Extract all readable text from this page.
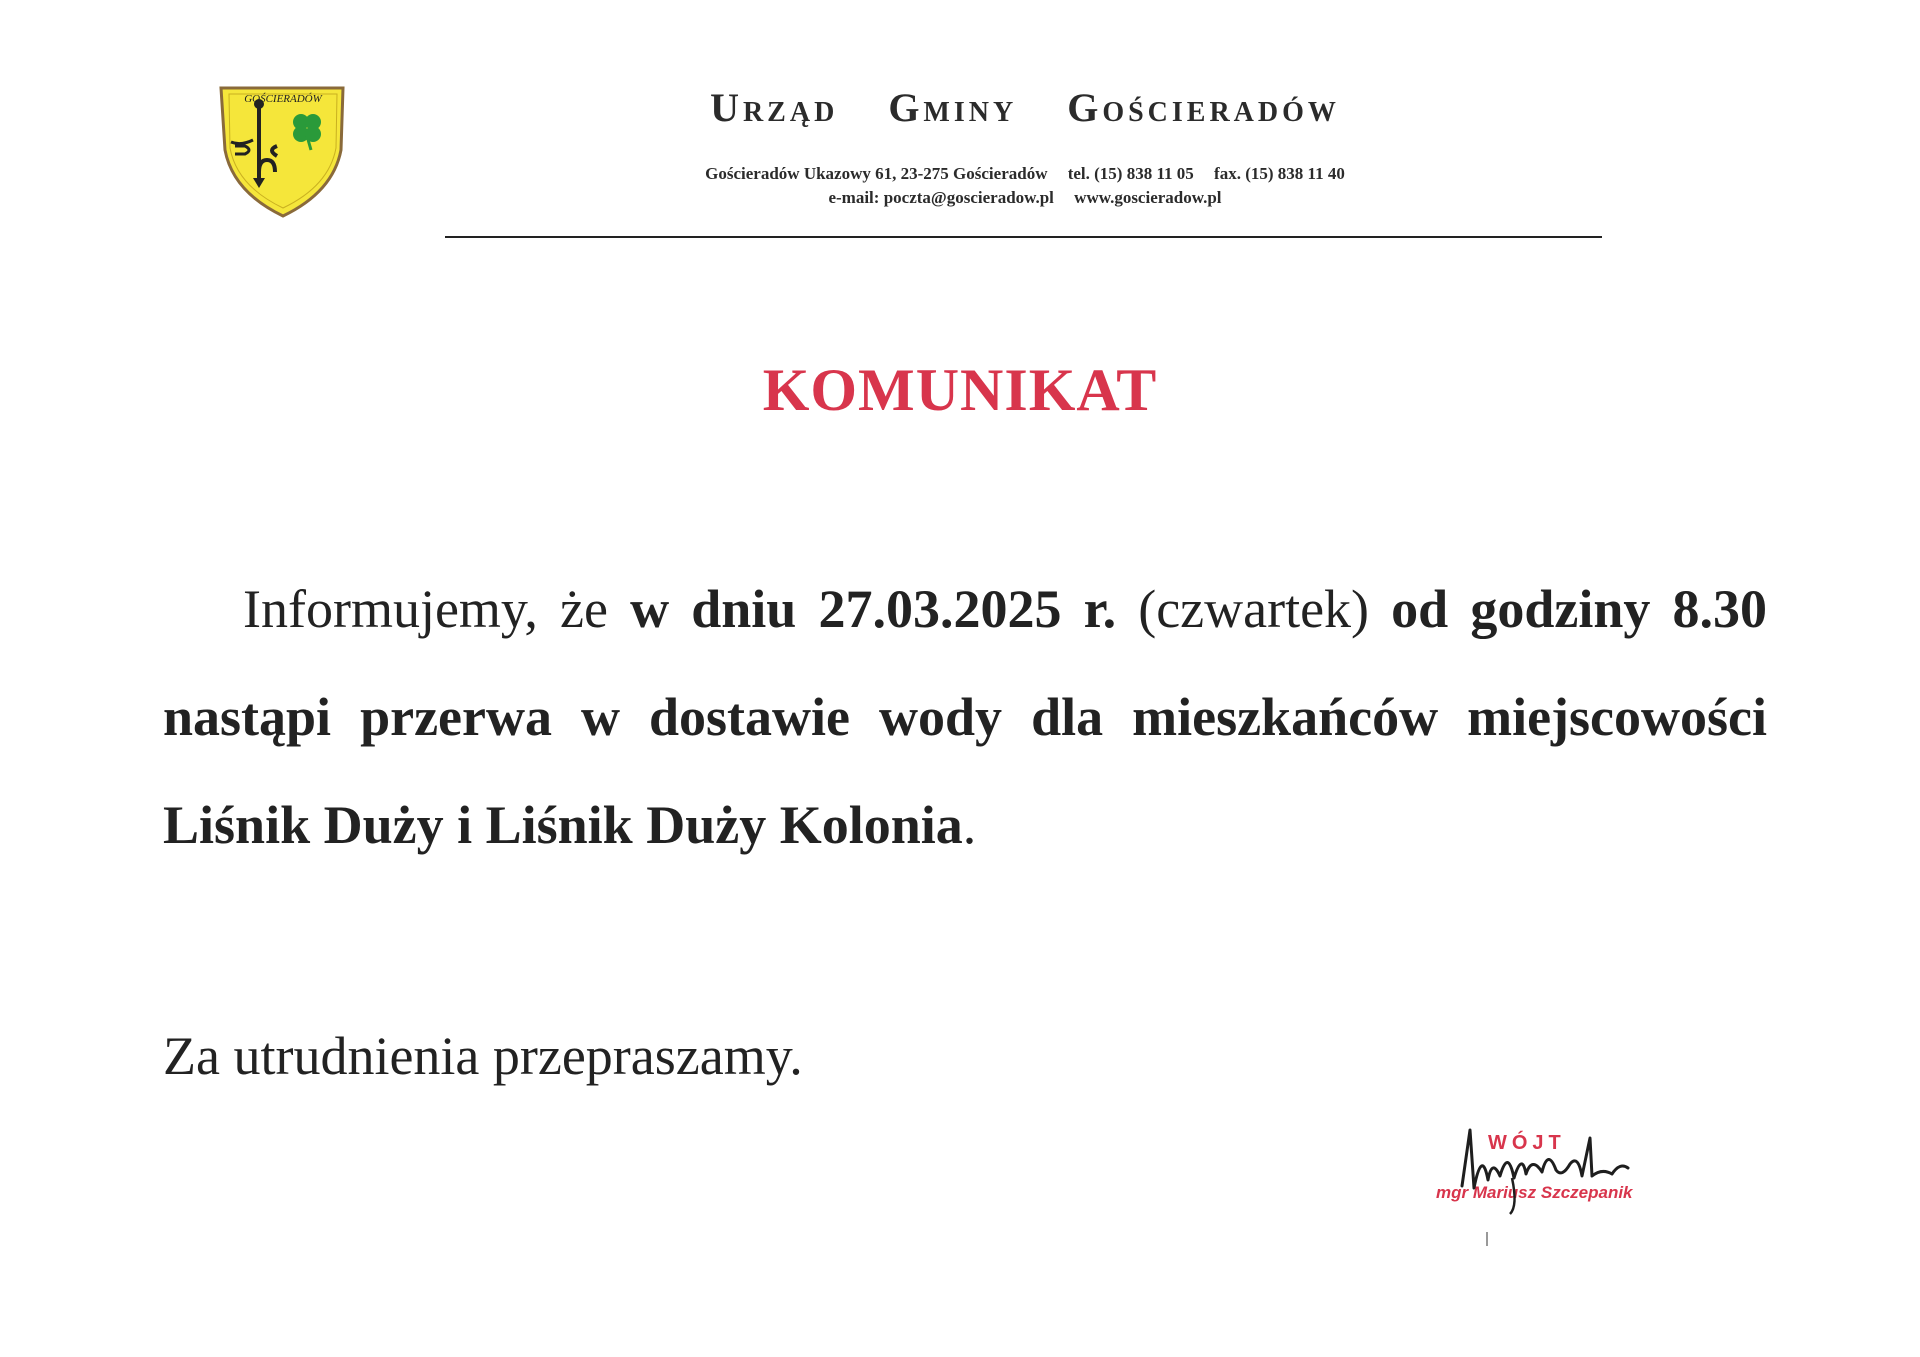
GOŚCIERADÓW	Urząd Gminy Gościeradów
Gościeradów Ukazowy 61, 23-275 Gościeradów tel. (15) 838 11 05 fax. (15) 838 11 40
e-mail: poczta@goscieradow.pl www.goscieradow.pl
KOMUNIKAT
Informujemy, że w dniu 27.03.2025 r. (czwartek) od godziny 8.30 nastąpi przerwa w dostawie wody dla mieszkańców miejscowości Liśnik Duży i Liśnik Duży Kolonia.
Za utrudnienia przepraszamy.
WÓJT
mgr Mariusz Szczepanik
